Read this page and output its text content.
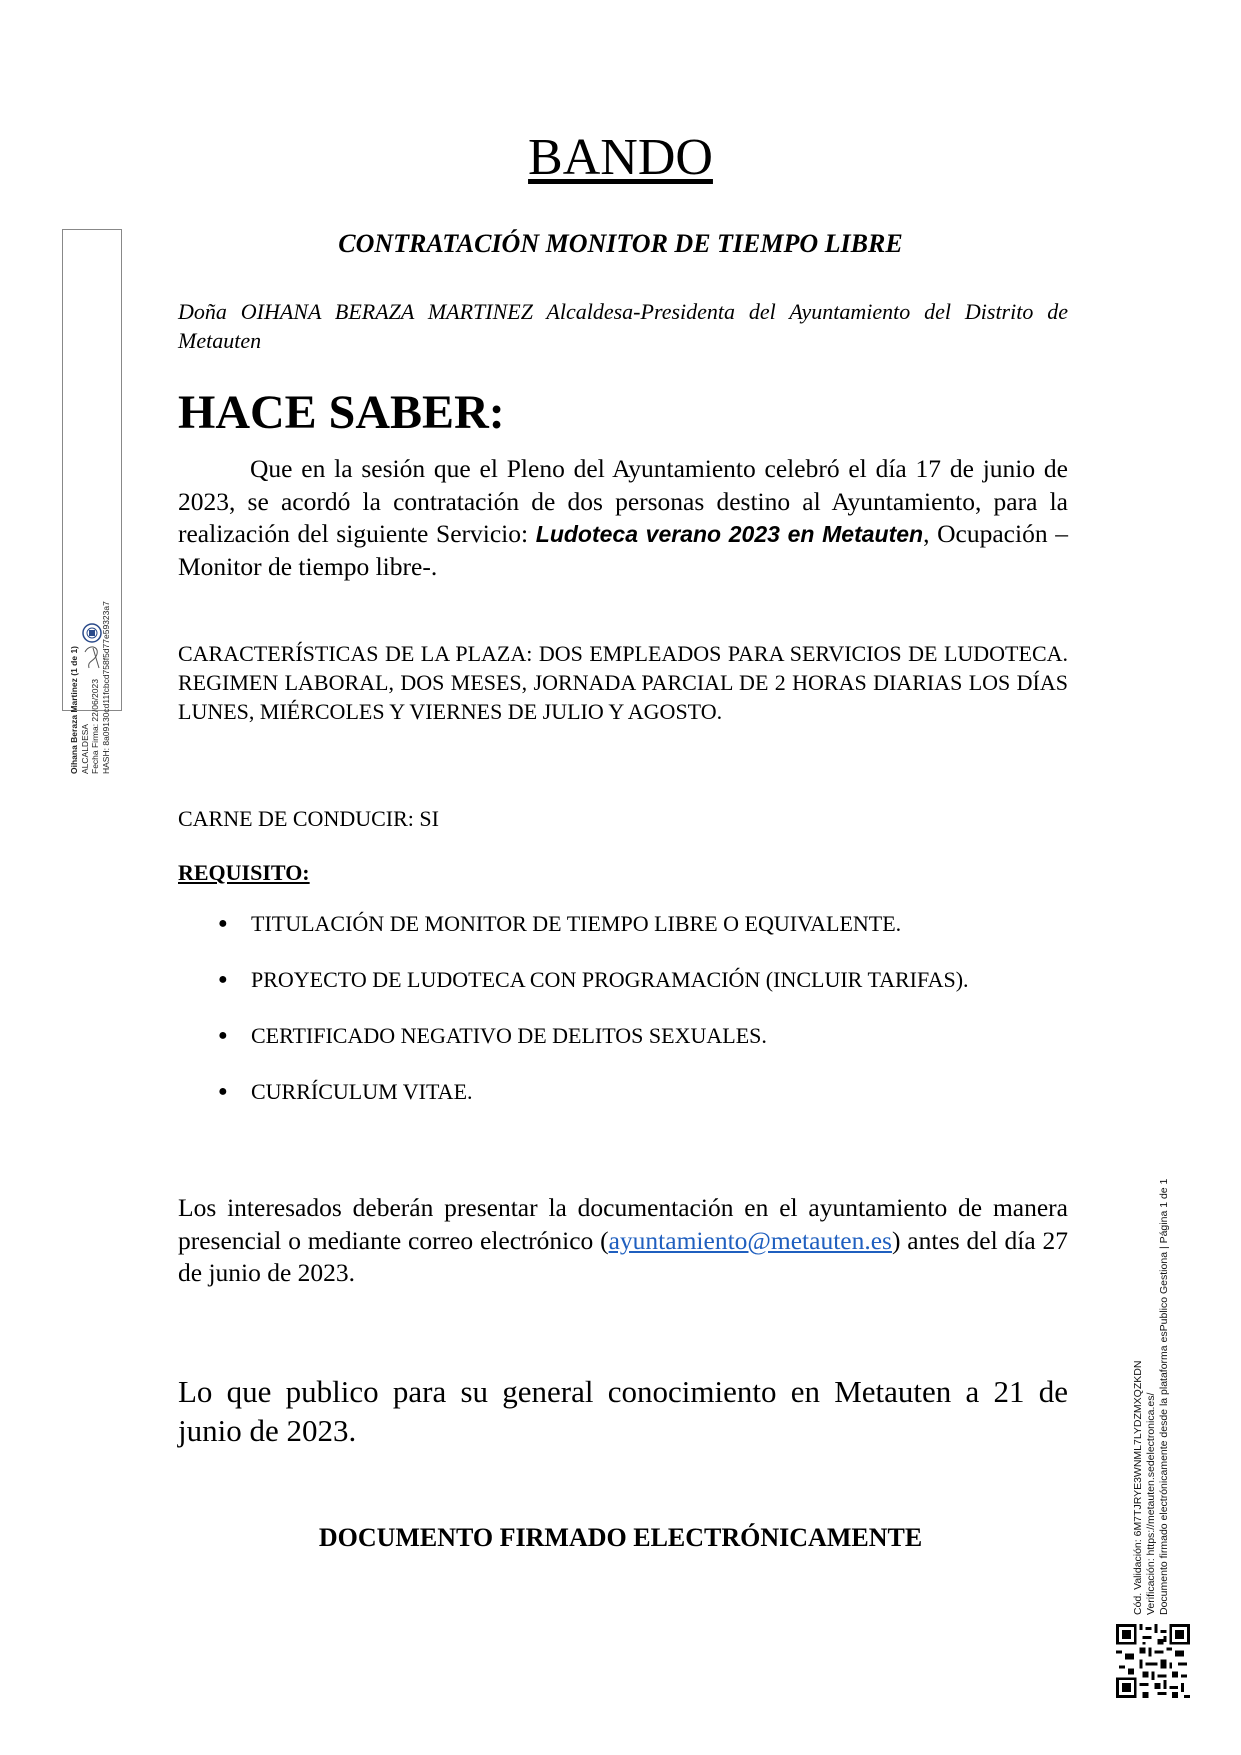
Oihana Beraza Martinez (1 de 1) ALCALDESA Fecha Firma: 22/06/2023 HASH: 8a09130cd11fcbcd758f5d77e59323a7
BANDO
CONTRATACIÓN MONITOR DE TIEMPO LIBRE
Doña OIHANA BERAZA MARTINEZ Alcaldesa-Presidenta del Ayuntamiento del Distrito de Metauten
HACE SABER:
Que en la sesión que el Pleno del Ayuntamiento celebró el día 17 de junio de 2023, se acordó la contratación de dos personas destino al Ayuntamiento, para la realización del siguiente Servicio: Ludoteca verano 2023 en Metauten, Ocupación – Monitor de tiempo libre-.
CARACTERÍSTICAS DE LA PLAZA: DOS EMPLEADOS PARA SERVICIOS DE LUDOTECA. REGIMEN LABORAL, DOS MESES, JORNADA PARCIAL DE 2 HORAS DIARIAS LOS DÍAS LUNES, MIÉRCOLES Y VIERNES DE JULIO Y AGOSTO.
CARNE DE CONDUCIR: SI
REQUISITO:
● TITULACIÓN DE MONITOR DE TIEMPO LIBRE O EQUIVALENTE.
● PROYECTO DE LUDOTECA CON PROGRAMACIÓN (INCLUIR TARIFAS).
● CERTIFICADO NEGATIVO DE DELITOS SEXUALES.
● CURRÍCULUM VITAE.
Los interesados deberán presentar la documentación en el ayuntamiento de manera presencial o mediante correo electrónico (ayuntamiento@metauten.es) antes del día 27 de junio de 2023.
Lo que publico para su general conocimiento en Metauten a 21 de junio de 2023.
DOCUMENTO FIRMADO ELECTRÓNICAMENTE	Cód. Validación: 6M7TJRYE3WNML7LYDZMXQZKDN Verificación: https://metauten.sedelectronica.es/ Documento firmado electrónicamente desde la plataforma esPublico Gestiona | Página 1 de 1
